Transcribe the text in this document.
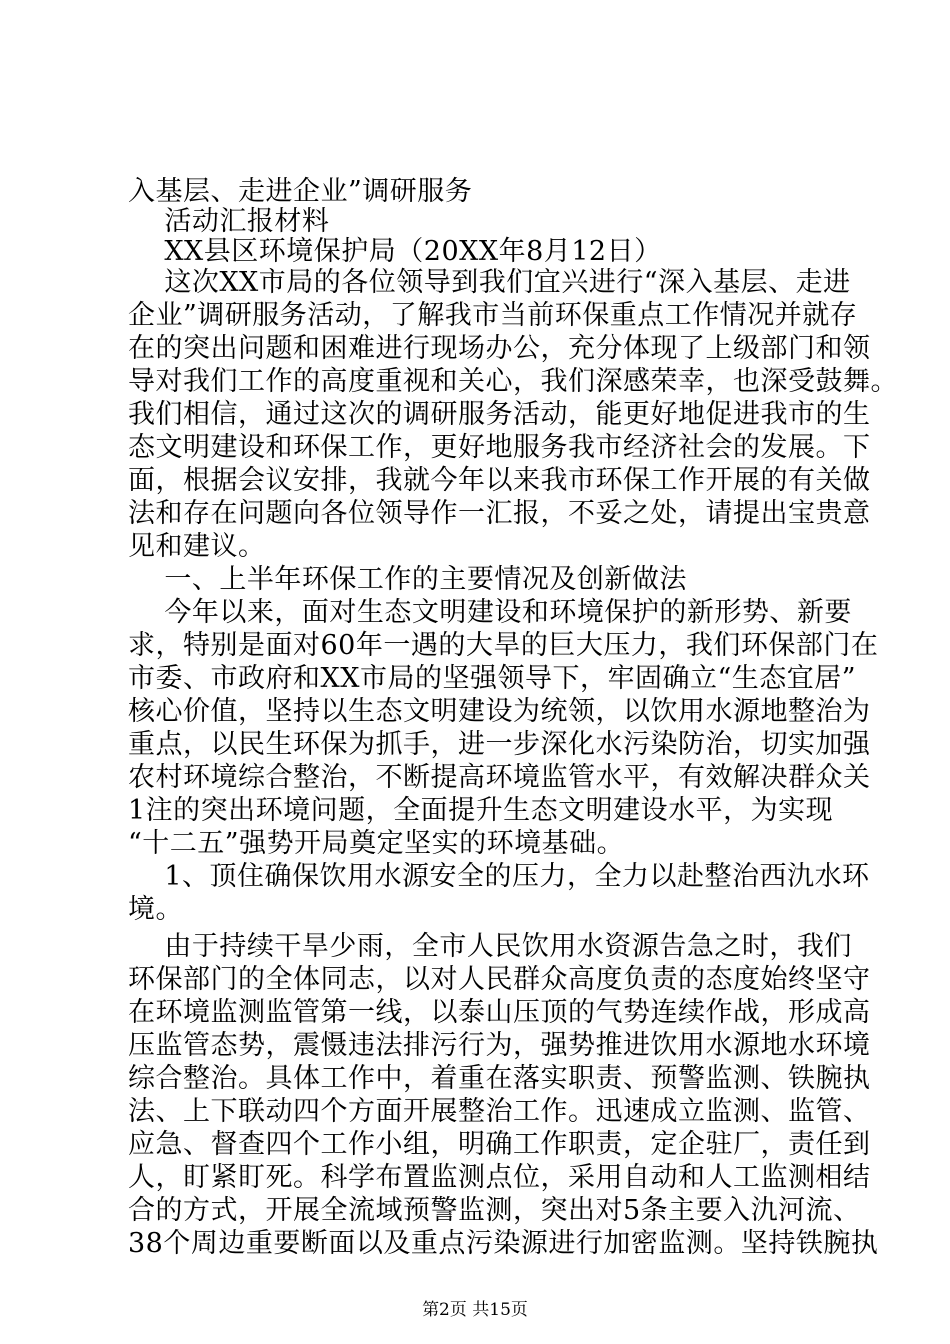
入基层、走进企业”调研服务
活动汇报材料
XX县区环境保护局（20XX年8月12日）
这次XX市局的各位领导到我们宜兴进行“深入基层、走进
企业”调研服务活动，了解我市当前环保重点工作情况并就存
在的突出问题和困难进行现场办公，充分体现了上级部门和领
导对我们工作的高度重视和关心，我们深感荣幸，也深受鼓舞。
我们相信，通过这次的调研服务活动，能更好地促进我市的生
态文明建设和环保工作，更好地服务我市经济社会的发展。下
面，根据会议安排，我就今年以来我市环保工作开展的有关做
法和存在问题向各位领导作一汇报，不妥之处，请提出宝贵意
见和建议。
一、上半年环保工作的主要情况及创新做法
今年以来，面对生态文明建设和环境保护的新形势、新要
求，特别是面对60年一遇的大旱的巨大压力，我们环保部门在
市委、市政府和XX市局的坚强领导下，牢固确立“生态宜居”
核心价值，坚持以生态文明建设为统领，以饮用水源地整治为
重点，以民生环保为抓手，进一步深化水污染防治，切实加强
农村环境综合整治，不断提高环境监管水平，有效解决群众关
1注的突出环境问题，全面提升生态文明建设水平，为实现
“十二五”强势开局奠定坚实的环境基础。
1、顶住确保饮用水源安全的压力，全力以赴整治西氿水环
境。
由于持续干旱少雨，全市人民饮用水资源告急之时，我们
环保部门的全体同志，以对人民群众高度负责的态度始终坚守
在环境监测监管第一线，以泰山压顶的气势连续作战，形成高
压监管态势，震慑违法排污行为，强势推进饮用水源地水环境
综合整治。具体工作中，着重在落实职责、预警监测、铁腕执
法、上下联动四个方面开展整治工作。迅速成立监测、监管、
应急、督查四个工作小组，明确工作职责，定企驻厂，责任到
人，盯紧盯死。科学布置监测点位，采用自动和人工监测相结
合的方式，开展全流域预警监测，突出对5条主要入氿河流、
38个周边重要断面以及重点污染源进行加密监测。坚持铁腕执
第2页 共15页
